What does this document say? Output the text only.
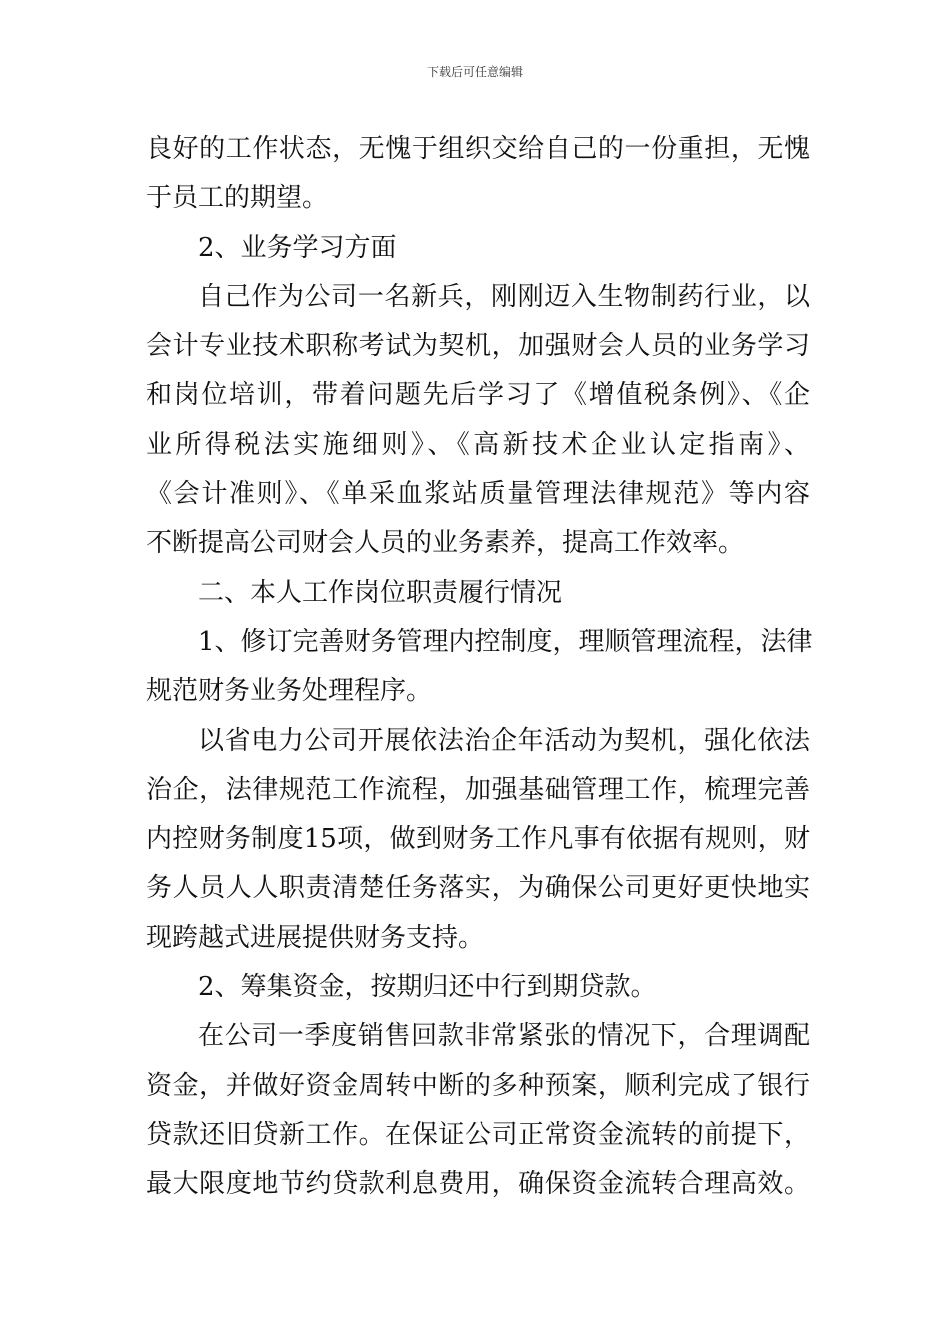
下载后可任意编辑

良好的工作状态，无愧于组织交给自己的一份重担，无愧
于员工的期望。

2、业务学习方面

自己作为公司一名新兵，刚刚迈入生物制药行业，以
会计专业技术职称考试为契机，加强财会人员的业务学习
和岗位培训，带着问题先后学习了《增值税条例》、《企
业所得税法实施细则》、《高新技术企业认定指南》、
《会计准则》、《单采血浆站质量管理法律规范》等内容
不断提高公司财会人员的业务素养，提高工作效率。

二、本人工作岗位职责履行情况

1、修订完善财务管理内控制度，理顺管理流程，法律
规范财务业务处理程序。

以省电力公司开展依法治企年活动为契机，强化依法
治企，法律规范工作流程，加强基础管理工作，梳理完善
内控财务制度15项，做到财务工作凡事有依据有规则，财
务人员人人职责清楚任务落实，为确保公司更好更快地实
现跨越式进展提供财务支持。

2、筹集资金，按期归还中行到期贷款。

在公司一季度销售回款非常紧张的情况下，合理调配
资金，并做好资金周转中断的多种预案，顺利完成了银行
贷款还旧贷新工作。在保证公司正常资金流转的前提下，
最大限度地节约贷款利息费用，确保资金流转合理高效。
